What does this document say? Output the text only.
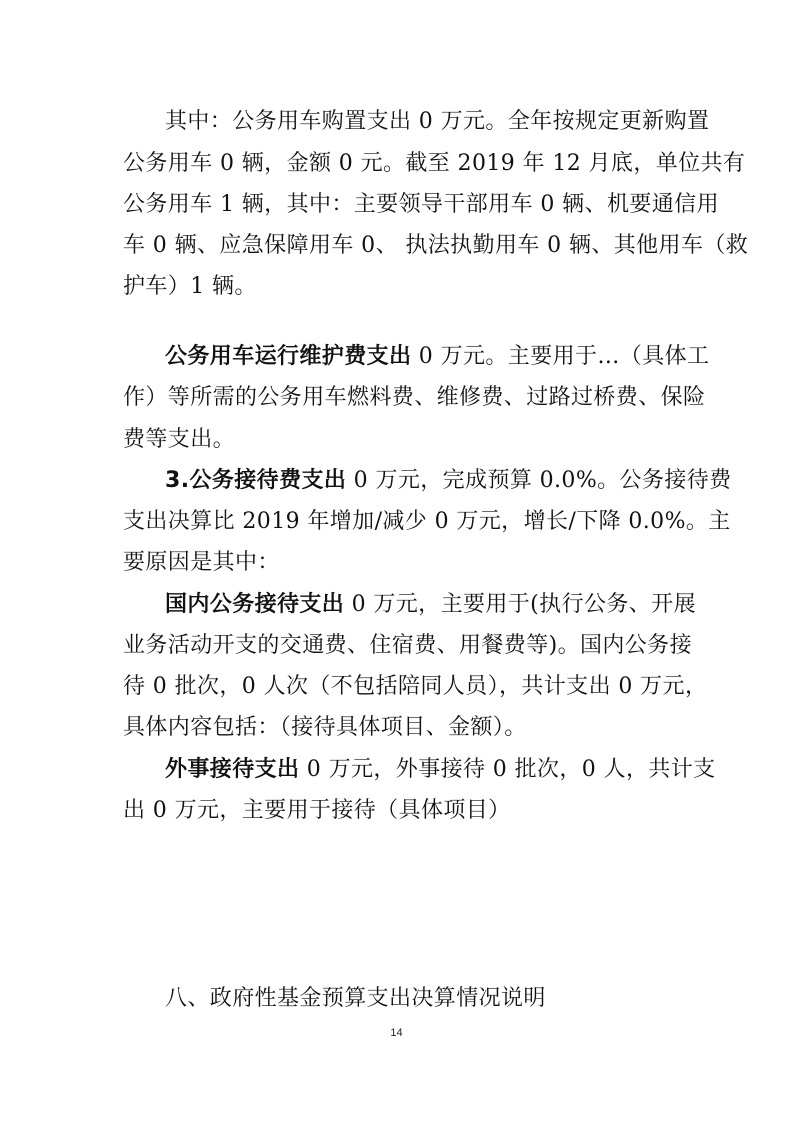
其中：公务用车购置支出 0 万元。全年按规定更新购置
公务用车 0 辆，金额 0 元。截至 2019 年 12 月底，单位共有
公务用车 1 辆，其中：主要领导干部用车 0 辆、机要通信用
车 0 辆、应急保障用车 0、 执法执勤用车 0 辆、其他用车（救
护车）1 辆。
公务用车运行维护费支出 0 万元。主要用于…（具体工
作）等所需的公务用车燃料费、维修费、过路过桥费、保险
费等支出。
3.公务接待费支出 0 万元，完成预算 0.0%。公务接待费
支出决算比 2019 年增加/减少 0 万元，增长/下降 0.0%。主
要原因是其中：
国内公务接待支出 0 万元，主要用于(执行公务、开展
业务活动开支的交通费、住宿费、用餐费等)。国内公务接
待 0 批次，0 人次（不包括陪同人员），共计支出 0 万元，
具体内容包括：（接待具体项目、金额）。
外事接待支出 0 万元，外事接待 0 批次，0 人，共计支
出 0 万元，主要用于接待（具体项目）
八、政府性基金预算支出决算情况说明
14
